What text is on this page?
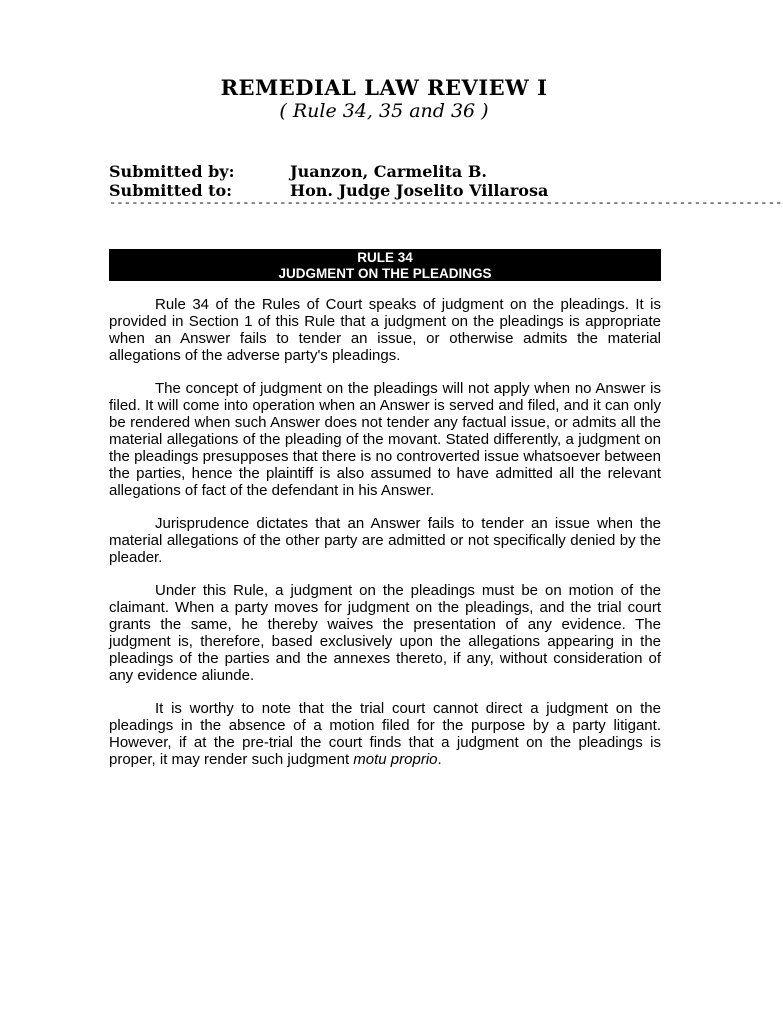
REMEDIAL LAW REVIEW I
( Rule 34, 35 and 36 )
Submitted by:	Juanzon, Carmelita B.
Submitted to:	Hon. Judge Joselito Villarosa
-------------------------------------------------------------------------------------------
RULE 34
JUDGMENT ON THE PLEADINGS

Rule 34 of the Rules of Court speaks of judgment on the pleadings. It is provided in Section 1 of this Rule that a judgment on the pleadings is appropriate when an Answer fails to tender an issue, or otherwise admits the material allegations of the adverse party's pleadings.

The concept of judgment on the pleadings will not apply when no Answer is filed. It will come into operation when an Answer is served and filed, and it can only be rendered when such Answer does not tender any factual issue, or admits all the material allegations of the pleading of the movant. Stated differently, a judgment on the pleadings presupposes that there is no controverted issue whatsoever between the parties, hence the plaintiff is also assumed to have admitted all the relevant allegations of fact of the defendant in his Answer.

Jurisprudence dictates that an Answer fails to tender an issue when the material allegations of the other party are admitted or not specifically denied by the pleader.

Under this Rule, a judgment on the pleadings must be on motion of the claimant. When a party moves for judgment on the pleadings, and the trial court grants the same, he thereby waives the presentation of any evidence. The judgment is, therefore, based exclusively upon the allegations appearing in the pleadings of the parties and the annexes thereto, if any, without consideration of any evidence aliunde.

It is worthy to note that the trial court cannot direct a judgment on the pleadings in the absence of a motion filed for the purpose by a party litigant. However, if at the pre-trial the court finds that a judgment on the pleadings is proper, it may render such judgment motu proprio.
